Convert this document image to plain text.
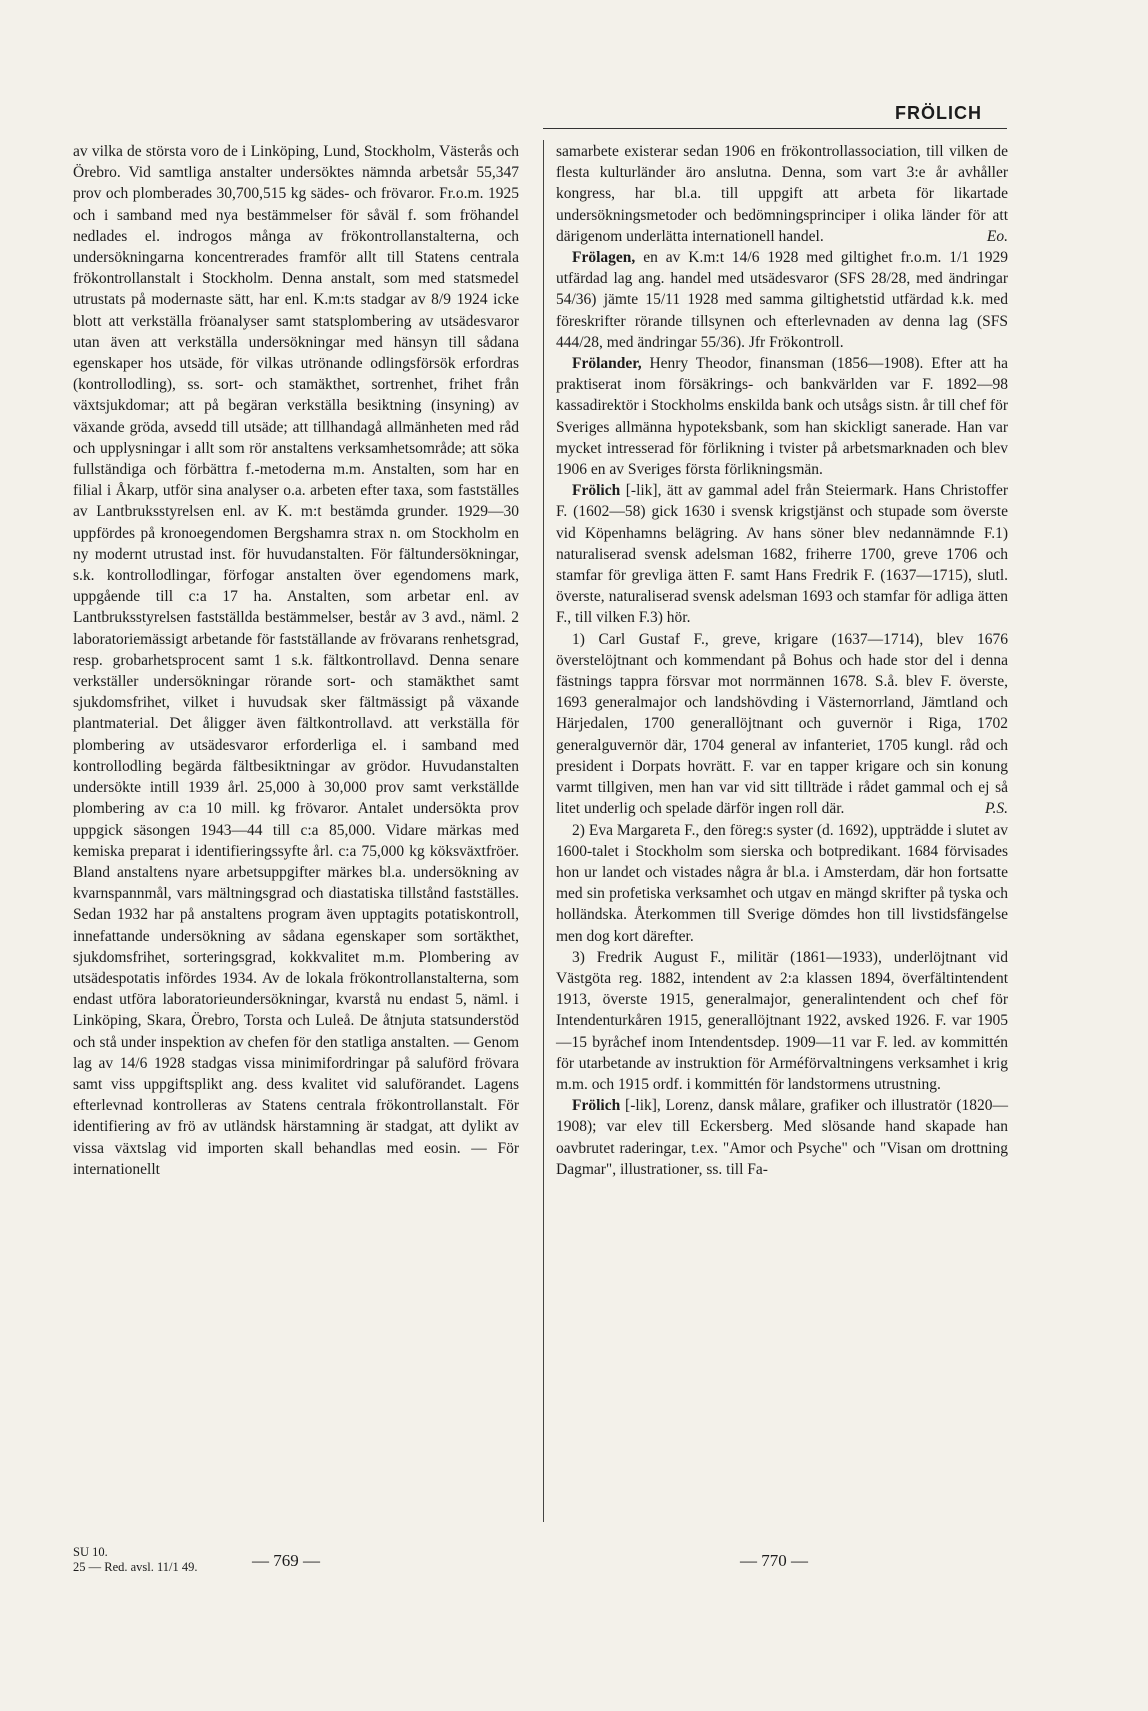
FRÖLICH

av vilka de största voro de i Linköping, Lund, Stockholm, Västerås och Örebro. Vid samtliga anstalter undersöktes nämnda arbetsår 55,347 prov och plomberades 30,700,515 kg sädes- och frövaror. Fr.o.m. 1925 och i samband med nya bestämmelser för såväl f. som fröhandel nedlades el. indrogos många av frökontrollanstalterna, och undersökningarna koncentrerades framför allt till Statens centrala frökontrollanstalt i Stockholm. Denna anstalt, som med statsmedel utrustats på modernaste sätt, har enl. K.m:ts stadgar av 8/9 1924 icke blott att verkställa fröanalyser samt statsplombering av utsädesvaror utan även att verkställa undersökningar med hänsyn till sådana egenskaper hos utsäde, för vilkas utrönande odlingsförsök erfordras (kontrollodling), ss. sort- och stamäkthet, sortrenhet, frihet från växtsjukdomar; att på begäran verkställa besiktning (insyning) av växande gröda, avsedd till utsäde; att tillhandagå allmänheten med råd och upplysningar i allt som rör anstaltens verksamhetsområde; att söka fullständiga och förbättra f.-metoderna m.m. Anstalten, som har en filial i Åkarp, utför sina analyser o.a. arbeten efter taxa, som fastställes av Lantbruksstyrelsen enl. av K. m:t bestämda grunder. 1929—30 uppfördes på kronoegendomen Bergshamra strax n. om Stockholm en ny modernt utrustad inst. för huvudanstalten. För fältundersökningar, s.k. kontrollodlingar, förfogar anstalten över egendomens mark, uppgående till c:a 17 ha. Anstalten, som arbetar enl. av Lantbruksstyrelsen fastställda bestämmelser, består av 3 avd., näml. 2 laboratoriemässigt arbetande för fastställande av frövarans renhetsgrad, resp. grobarhetsprocent samt 1 s.k. fältkontrollavd. Denna senare verkställer undersökningar rörande sort- och stamäkthet samt sjukdomsfrihet, vilket i huvudsak sker fältmässigt på växande plantmaterial. Det åligger även fältkontrollavd. att verkställa för plombering av utsädesvaror erforderliga el. i samband med kontrollodling begärda fältbesiktningar av grödor. Huvudanstalten undersökte intill 1939 årl. 25,000 à 30,000 prov samt verkställde plombering av c:a 10 mill. kg frövaror. Antalet undersökta prov uppgick säsongen 1943—44 till c:a 85,000. Vidare märkas med kemiska preparat i identifieringssyfte årl. c:a 75,000 kg köksväxtfröer. Bland anstaltens nyare arbetsuppgifter märkes bl.a. undersökning av kvarnspannmål, vars mältningsgrad och diastatiska tillstånd fastställes. Sedan 1932 har på anstaltens program även upptagits potatiskontroll, innefattande undersökning av sådana egenskaper som sortäkthet, sjukdomsfrihet, sorteringsgrad, kokkvalitet m.m. Plombering av utsädespotatis infördes 1934. Av de lokala frökontrollanstalterna, som endast utföra laboratorieundersökningar, kvarstå nu endast 5, näml. i Linköping, Skara, Örebro, Torsta och Luleå. De åtnjuta statsunderstöd och stå under inspektion av chefen för den statliga anstalten. — Genom lag av 14/6 1928 stadgas vissa minimifordringar på saluförd frövara samt viss uppgiftsplikt ang. dess kvalitet vid saluförandet. Lagens efterlevnad kontrolleras av Statens centrala frökontrollanstalt. För identifiering av frö av utländsk härstamning är stadgat, att dylikt av vissa växtslag vid importen skall behandlas med eosin. — För internationellt

samarbete existerar sedan 1906 en frökontrollassociation, till vilken de flesta kulturländer äro anslutna. Denna, som vart 3:e år avhåller kongress, har bl.a. till uppgift att arbeta för likartade undersökningsmetoder och bedömningsprinciper i olika länder för att därigenom underlätta internationell handel.	Eo.

Frölagen, en av K.m:t 14/6 1928 med giltighet fr.o.m. 1/1 1929 utfärdad lag ang. handel med utsädesvaror (SFS 28/28, med ändringar 54/36) jämte 15/11 1928 med samma giltighetstid utfärdad k.k. med föreskrifter rörande tillsynen och efterlevnaden av denna lag (SFS 444/28, med ändringar 55/36). Jfr Frökontroll.

Frölander, Henry Theodor, finansman (1856—1908). Efter att ha praktiserat inom försäkrings- och bankvärlden var F. 1892—98 kassadirektör i Stockholms enskilda bank och utsågs sistn. år till chef för Sveriges allmänna hypoteksbank, som han skickligt sanerade. Han var mycket intresserad för förlikning i tvister på arbetsmarknaden och blev 1906 en av Sveriges första förlikningsmän.

Frölich [-lik], ätt av gammal adel från Steiermark. Hans Christoffer F. (1602—58) gick 1630 i svensk krigstjänst och stupade som överste vid Köpenhamns belägring. Av hans söner blev nedannämnde F.1) naturaliserad svensk adelsman 1682, friherre 1700, greve 1706 och stamfar för grevliga ätten F. samt Hans Fredrik F. (1637—1715), slutl. överste, naturaliserad svensk adelsman 1693 och stamfar för adliga ätten F., till vilken F.3) hör.

1) Carl Gustaf F., greve, krigare (1637—1714), blev 1676 överstelöjtnant och kommendant på Bohus och hade stor del i denna fästnings tappra försvar mot norrmännen 1678. S.å. blev F. överste, 1693 generalmajor och landshövding i Västernorrland, Jämtland och Härjedalen, 1700 generallöjtnant och guvernör i Riga, 1702 generalguvernör där, 1704 general av infanteriet, 1705 kungl. råd och president i Dorpats hovrätt. F. var en tapper krigare och sin konung varmt tillgiven, men han var vid sitt tillträde i rådet gammal och ej så litet underlig och spelade därför ingen roll där.	P.S.

2) Eva Margareta F., den föreg:s syster (d. 1692), uppträdde i slutet av 1600-talet i Stockholm som sierska och botpredikant. 1684 förvisades hon ur landet och vistades några år bl.a. i Amsterdam, där hon fortsatte med sin profetiska verksamhet och utgav en mängd skrifter på tyska och holländska. Återkommen till Sverige dömdes hon till livstidsfängelse men dog kort därefter.

3) Fredrik August F., militär (1861—1933), underlöjtnant vid Västgöta reg. 1882, intendent av 2:a klassen 1894, överfältintendent 1913, överste 1915, generalmajor, generalintendent och chef för Intendenturkåren 1915, generallöjtnant 1922, avsked 1926. F. var 1905—15 byråchef inom Intendentsdep. 1909—11 var F. led. av kommittén för utarbetande av instruktion för Arméförvaltningens verksamhet i krig m.m. och 1915 ordf. i kommittén för landstormens utrustning.

Frölich [-lik], Lorenz, dansk målare, grafiker och illustratör (1820—1908); var elev till Eckersberg. Med slösande hand skapade han oavbrutet raderingar, t.ex. "Amor och Psyche" och "Visan om drottning Dagmar", illustrationer, ss. till Fa-

SU 10.
25 — Red. avsl. 11/1 49.	— 769 —	— 770 —
